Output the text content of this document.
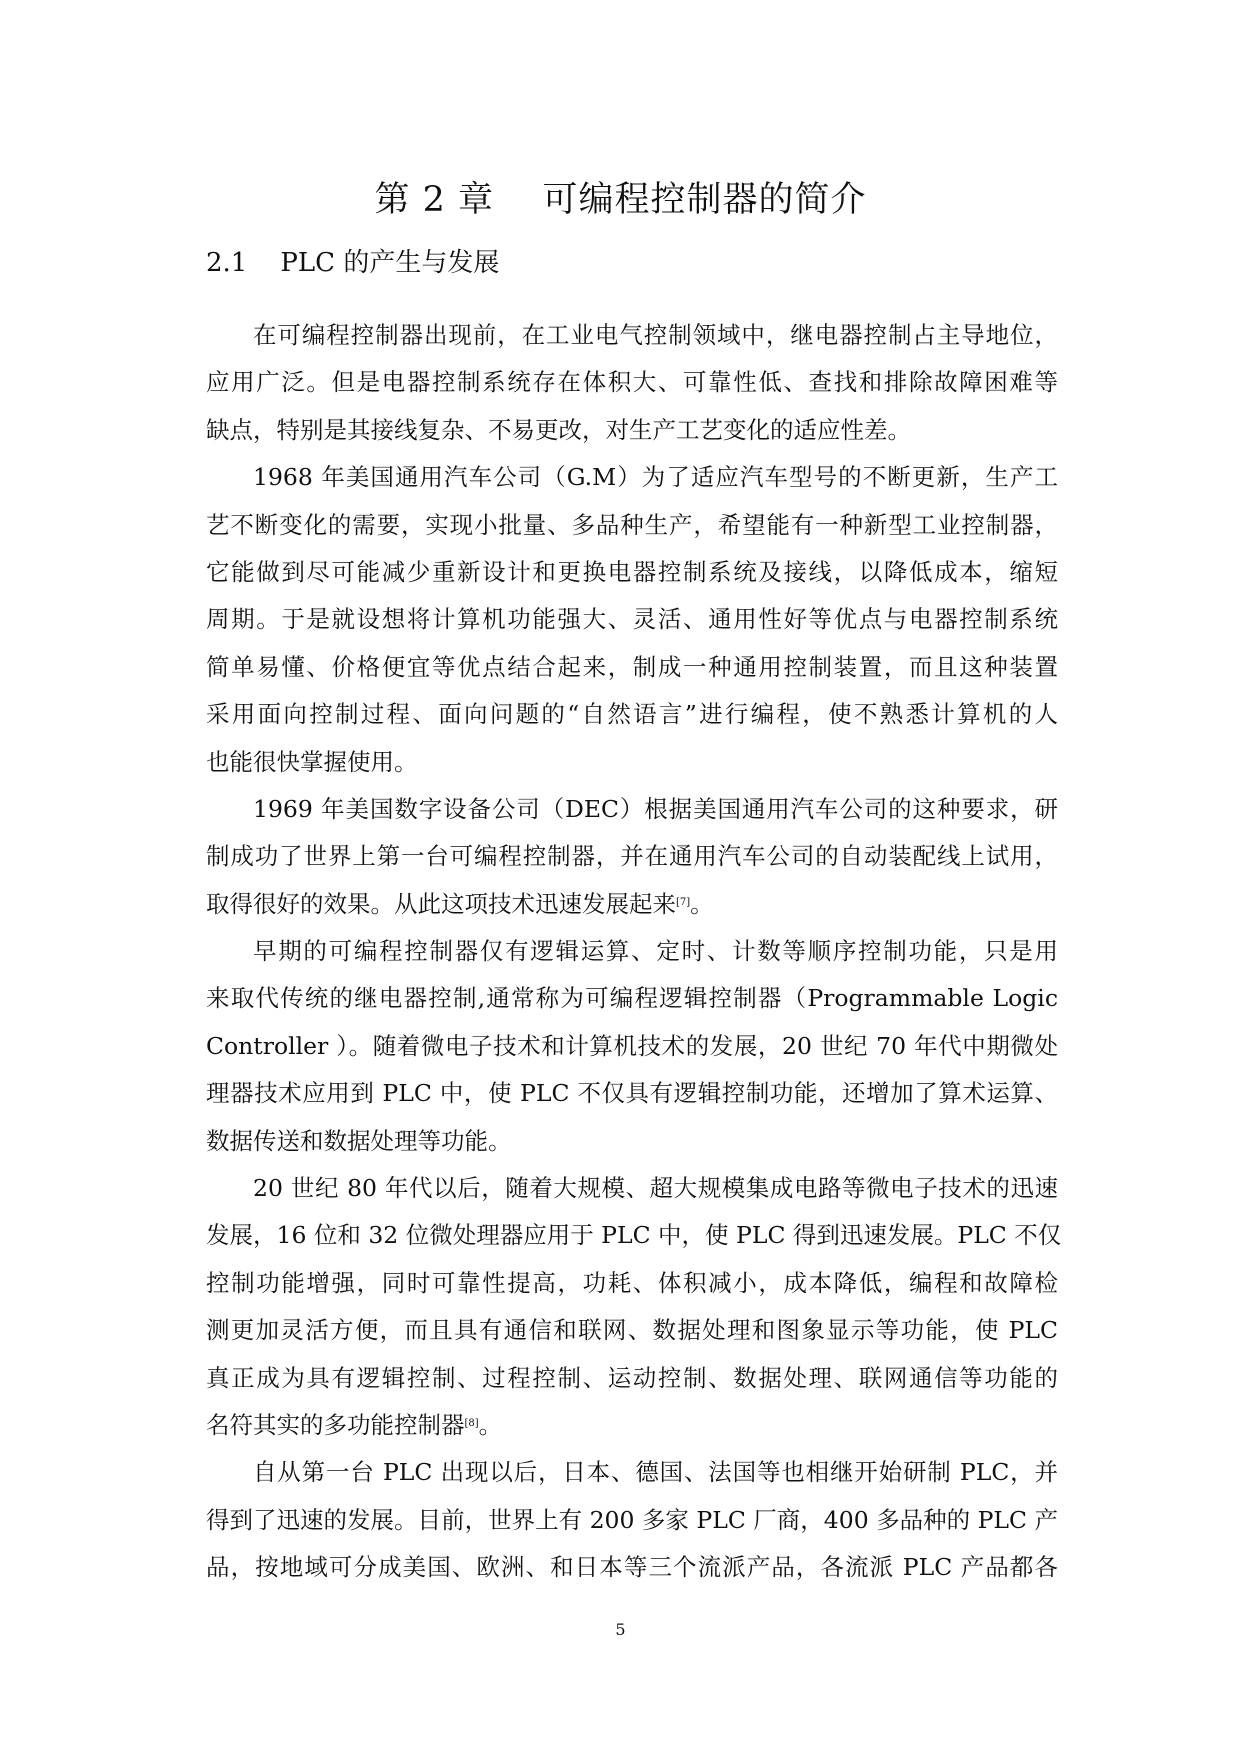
第 2 章    可编程控制器的简介
2.1    PLC 的产生与发展
在可编程控制器出现前，在工业电气控制领域中，继电器控制占主导地位，
应用广泛。但是电器控制系统存在体积大、可靠性低、查找和排除故障困难等
缺点，特别是其接线复杂、不易更改，对生产工艺变化的适应性差。
1968 年美国通用汽车公司（G.M）为了适应汽车型号的不断更新，生产工
艺不断变化的需要，实现小批量、多品种生产，希望能有一种新型工业控制器，
它能做到尽可能减少重新设计和更换电器控制系统及接线，以降低成本，缩短
周期。于是就设想将计算机功能强大、灵活、通用性好等优点与电器控制系统
简单易懂、价格便宜等优点结合起来，制成一种通用控制装置，而且这种装置
采用面向控制过程、面向问题的“自然语言”进行编程，使不熟悉计算机的人
也能很快掌握使用。
1969 年美国数字设备公司（DEC）根据美国通用汽车公司的这种要求，研
制成功了世界上第一台可编程控制器，并在通用汽车公司的自动装配线上试用，
取得很好的效果。从此这项技术迅速发展起来[7]。
早期的可编程控制器仅有逻辑运算、定时、计数等顺序控制功能，只是用
来取代传统的继电器控制,通常称为可编程逻辑控制器（Programmable Logic
Controller ）。随着微电子技术和计算机技术的发展，20 世纪 70 年代中期微处
理器技术应用到 PLC 中，使 PLC 不仅具有逻辑控制功能，还增加了算术运算、
数据传送和数据处理等功能。
20 世纪 80 年代以后，随着大规模、超大规模集成电路等微电子技术的迅速
发展，16 位和 32 位微处理器应用于 PLC 中，使 PLC 得到迅速发展。PLC 不仅
控制功能增强，同时可靠性提高，功耗、体积减小，成本降低，编程和故障检
测更加灵活方便，而且具有通信和联网、数据处理和图象显示等功能，使 PLC
真正成为具有逻辑控制、过程控制、运动控制、数据处理、联网通信等功能的
名符其实的多功能控制器[8]。
自从第一台 PLC 出现以后，日本、德国、法国等也相继开始研制 PLC，并
得到了迅速的发展。目前，世界上有 200 多家 PLC 厂商，400 多品种的 PLC 产
品，按地域可分成美国、欧洲、和日本等三个流派产品，各流派 PLC 产品都各
5
